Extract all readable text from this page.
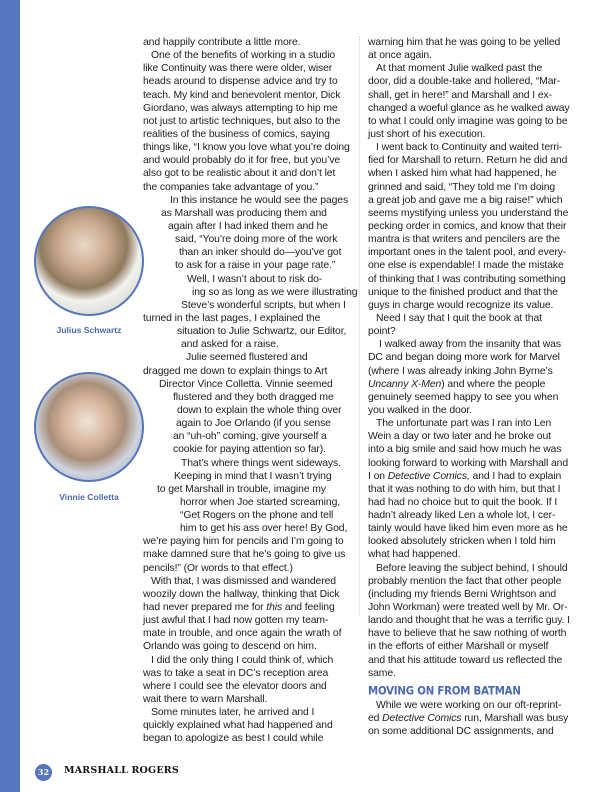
Julius Schwartz
Vinnie Colletta
and happily contribute a little more.
One of the benefits of working in a studio
like Continuity was there were older, wiser
heads around to dispense advice and try to
teach. My kind and benevolent mentor, Dick
Giordano, was always attempting to hip me
not just to artistic techniques, but also to the
realities of the business of comics, saying
things like, “I know you love what you’re doing
and would probably do it for free, but you’ve
also got to be realistic about it and don’t let
the companies take advantage of you.”
In this instance he would see the pages
as Marshall was producing them and
again after I had inked them and he
said, “You’re doing more of the work
than an inker should do—you’ve got
to ask for a raise in your page rate.”
Well, I wasn’t about to risk do-
ing so as long as we were illustrating
Steve’s wonderful scripts, but when I
turned in the last pages, I explained the
situation to Julie Schwartz, our Editor,
and asked for a raise.
Julie seemed flustered and
dragged me down to explain things to Art
Director Vince Colletta. Vinnie seemed
flustered and they both dragged me
down to explain the whole thing over
again to Joe Orlando (if you sense
an “uh-oh” coming, give yourself a
cookie for paying attention so far).
That’s where things went sideways.
Keeping in mind that I wasn’t trying
to get Marshall in trouble, imagine my
horror when Joe started screaming,
“Get Rogers on the phone and tell
him to get his ass over here! By God,
we’re paying him for pencils and I’m going to
make damned sure that he’s going to give us
pencils!” (Or words to that effect.)
With that, I was dismissed and wandered
woozily down the hallway, thinking that Dick
had never prepared me for this and feeling
just awful that I had now gotten my team-
mate in trouble, and once again the wrath of
Orlando was going to descend on him.
I did the only thing I could think of, which
was to take a seat in DC’s reception area
where I could see the elevator doors and
wait there to warn Marshall.
Some minutes later, he arrived and I
quickly explained what had happened and
began to apologize as best I could while
warning him that he was going to be yelled
at once again.
At that moment Julie walked past the
door, did a double-take and hollered, “Mar-
shall, get in here!” and Marshall and I ex-
changed a woeful glance as he walked away
to what I could only imagine was going to be
just short of his execution.
I went back to Continuity and waited terri-
fied for Marshall to return. Return he did and
when I asked him what had happened, he
grinned and said, “They told me I’m doing
a great job and gave me a big raise!” which
seems mystifying unless you understand the
pecking order in comics, and know that their
mantra is that writers and pencilers are the
important ones in the talent pool, and every-
one else is expendable! I made the mistake
of thinking that I was contributing something
unique to the finished product and that the
guys in charge would recognize its value.
Need I say that I quit the book at that
point?
I walked away from the insanity that was
DC and began doing more work for Marvel
(where I was already inking John Byrne’s
Uncanny X-Men) and where the people
genuinely seemed happy to see you when
you walked in the door.
The unfortunate part was I ran into Len
Wein a day or two later and he broke out
into a big smile and said how much he was
looking forward to working with Marshall and
I on Detective Comics, and I had to explain
that it was nothing to do with him, but that I
had had no choice but to quit the book. If I
hadn’t already liked Len a whole lot, I cer-
tainly would have liked him even more as he
looked absolutely stricken when I told him
what had happened.
Before leaving the subject behind, I should
probably mention the fact that other people
(including my friends Berni Wrightson and
John Workman) were treated well by Mr. Or-
lando and thought that he was a terrific guy. I
have to believe that he saw nothing of worth
in the efforts of either Marshall or myself
and that his attitude toward us reflected the
same.
MOVING ON FROM BATMAN
While we were working on our oft-reprint-
ed Detective Comics run, Marshall was busy
on some additional DC assignments, and
32	MARSHALL ROGERS
